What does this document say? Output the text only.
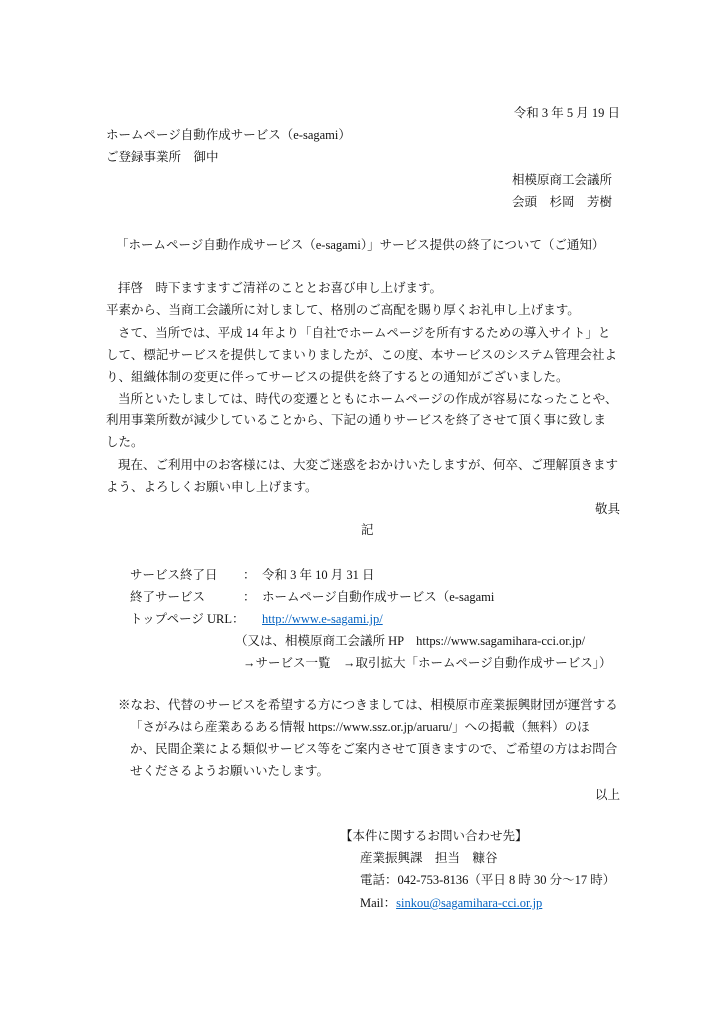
令和 3 年 5 月 19 日
ホームページ自動作成サービス（e-sagami）
ご登録事業所　御中
相模原商工会議所
会頭　杉岡　芳樹
「ホームページ自動作成サービス（e-sagami）」サービス提供の終了について（ご通知）
拝啓　時下ますますご清祥のこととお喜び申し上げます。
平素から、当商工会議所に対しまして、格別のご高配を賜り厚くお礼申し上げます。
さて、当所では、平成 14 年より「自社でホームページを所有するための導入サイト」と
して、標記サービスを提供してまいりましたが、この度、本サービスのシステム管理会社よ
り、組織体制の変更に伴ってサービスの提供を終了するとの通知がございました。
当所といたしましては、時代の変遷とともにホームページの作成が容易になったことや、
利用事業所数が減少していることから、下記の通りサービスを終了させて頂く事に致しま
した。
現在、ご利用中のお客様には、大変ご迷惑をおかけいたしますが、何卒、ご理解頂きます
よう、よろしくお願い申し上げます。
敬具
記
サービス終了日 ： 令和 3 年 10 月 31 日
終了サービス	： ホームページ自動作成サービス（e-sagami
トップページ URL： http://www.e-sagami.jp/
（又は、相模原商工会議所 HP　https://www.sagamihara-cci.or.jp/
→サービス一覧　→取引拡大「ホームページ自動作成サービス」）
※なお、代替のサービスを希望する方につきましては、相模原市産業振興財団が運営する
「さがみはら産業あるある情報 https://www.ssz.or.jp/aruaru/」への掲載（無料）のほ
か、民間企業による類似サービス等をご案内させて頂きますので、ご希望の方はお問合
せくださるようお願いいたします。
以上
【本件に関するお問い合わせ先】
産業振興課　担当　糠谷
電話：042-753-8136（平日 8 時 30 分～17 時）
Mail：sinkou@sagamihara-cci.or.jp
